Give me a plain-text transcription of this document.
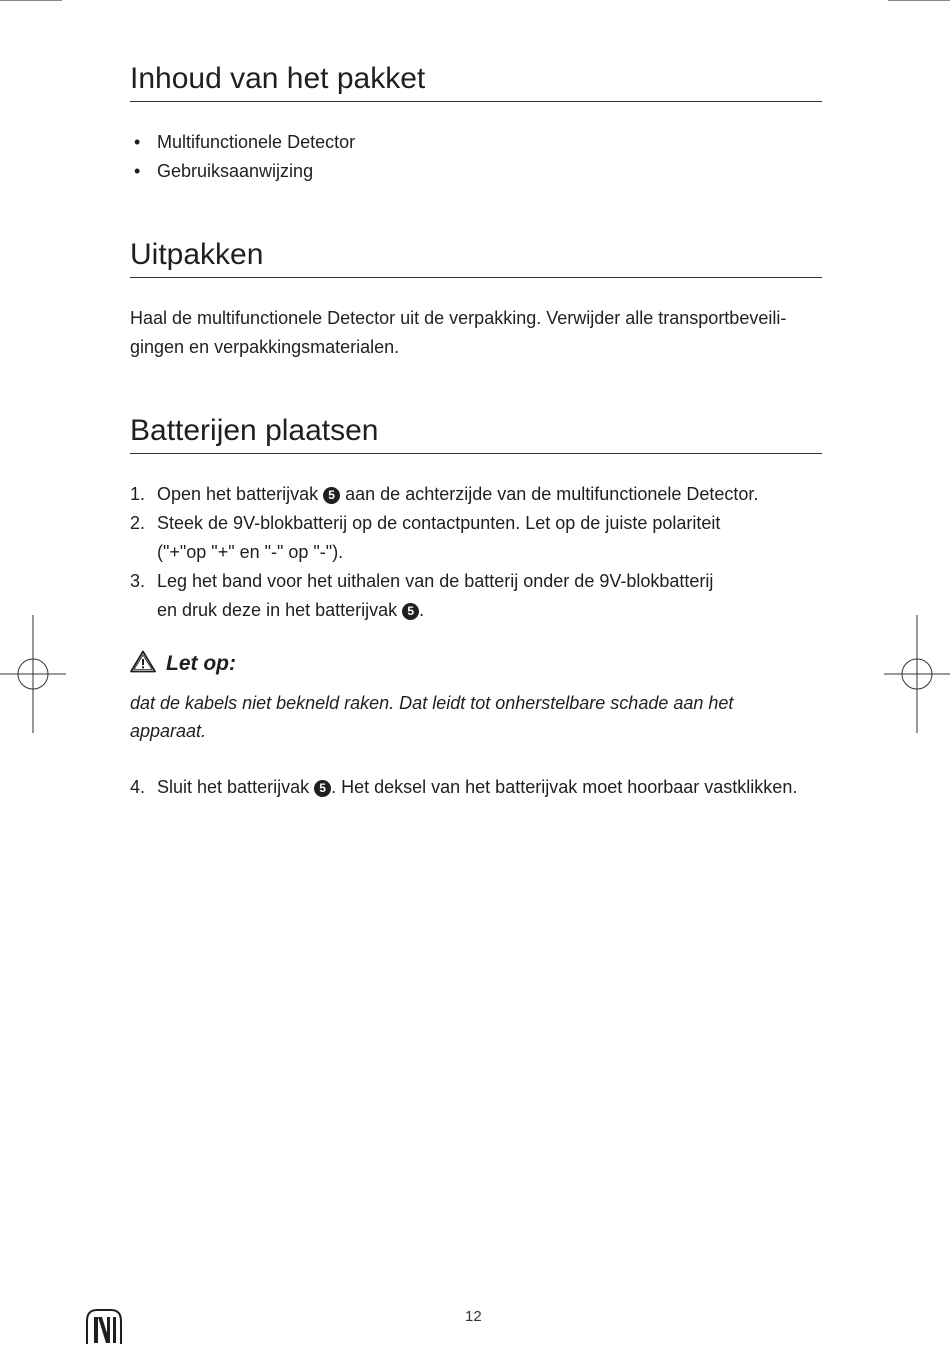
Inhoud van het pakket
• Multifunctionele Detector
• Gebruiksaanwijzing
Uitpakken
Haal de multifunctionele Detector uit de verpakking. Verwijder alle transportbeveili-
gingen en verpakkingsmaterialen.
Batterijen plaatsen
1. Open het batterijvak 5 aan de achterzijde van de multifunctionele Detector.
2. Steek de 9V-blokbatterij op de contactpunten. Let op de juiste polariteit
("+"op "+" en "-" op "-").
3. Leg het band voor het uithalen van de batterij onder de 9V-blokbatterij
en druk deze in het batterijvak 5 .
Let op:
dat de kabels niet bekneld raken. Dat leidt tot onherstelbare schade aan het
apparaat.
4. Sluit het batterijvak 5 . Het deksel van het batterijvak moet hoorbaar vastklikken.
12
